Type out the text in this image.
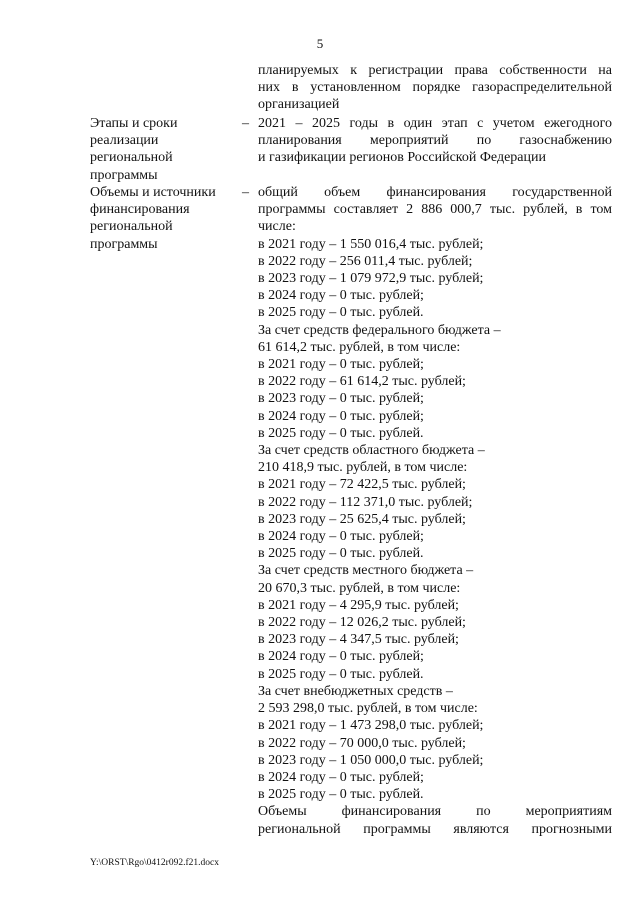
5
планируемых к регистрации права собственности на
них в установленном порядке газораспределительной
организацией
Этапы и сроки
реализации
региональной
программы
– 2021 – 2025 годы в один этап с учетом ежегодного
планирования мероприятий по газоснабжению
и газификации регионов Российской Федерации
Объемы и источники
финансирования
региональной
программы
– общий объем финансирования государственной
программы составляет 2 886 000,7 тыс. рублей, в том
числе:
в 2021 году – 1 550 016,4 тыс. рублей;
в 2022 году – 256 011,4 тыс. рублей;
в 2023 году – 1 079 972,9 тыс. рублей;
в 2024 году – 0 тыс. рублей;
в 2025 году – 0 тыс. рублей.
За счет средств федерального бюджета –
61 614,2 тыс. рублей, в том числе:
в 2021 году – 0 тыс. рублей;
в 2022 году – 61 614,2 тыс. рублей;
в 2023 году – 0 тыс. рублей;
в 2024 году – 0 тыс. рублей;
в 2025 году – 0 тыс. рублей.
За счет средств областного бюджета –
210 418,9 тыс. рублей, в том числе:
в 2021 году – 72 422,5 тыс. рублей;
в 2022 году – 112 371,0 тыс. рублей;
в 2023 году – 25 625,4 тыс. рублей;
в 2024 году – 0 тыс. рублей;
в 2025 году – 0 тыс. рублей.
За счет средств местного бюджета –
20 670,3 тыс. рублей, в том числе:
в 2021 году – 4 295,9 тыс. рублей;
в 2022 году – 12 026,2 тыс. рублей;
в 2023 году – 4 347,5 тыс. рублей;
в 2024 году – 0 тыс. рублей;
в 2025 году – 0 тыс. рублей.
За счет внебюджетных средств –
2 593 298,0 тыс. рублей, в том числе:
в 2021 году – 1 473 298,0 тыс. рублей;
в 2022 году – 70 000,0 тыс. рублей;
в 2023 году – 1 050 000,0 тыс. рублей;
в 2024 году – 0 тыс. рублей;
в 2025 году – 0 тыс. рублей.
Объемы финансирования по мероприятиям
региональной программы являются прогнозными
Y:\ORST\Rgo\0412r092.f21.docx
